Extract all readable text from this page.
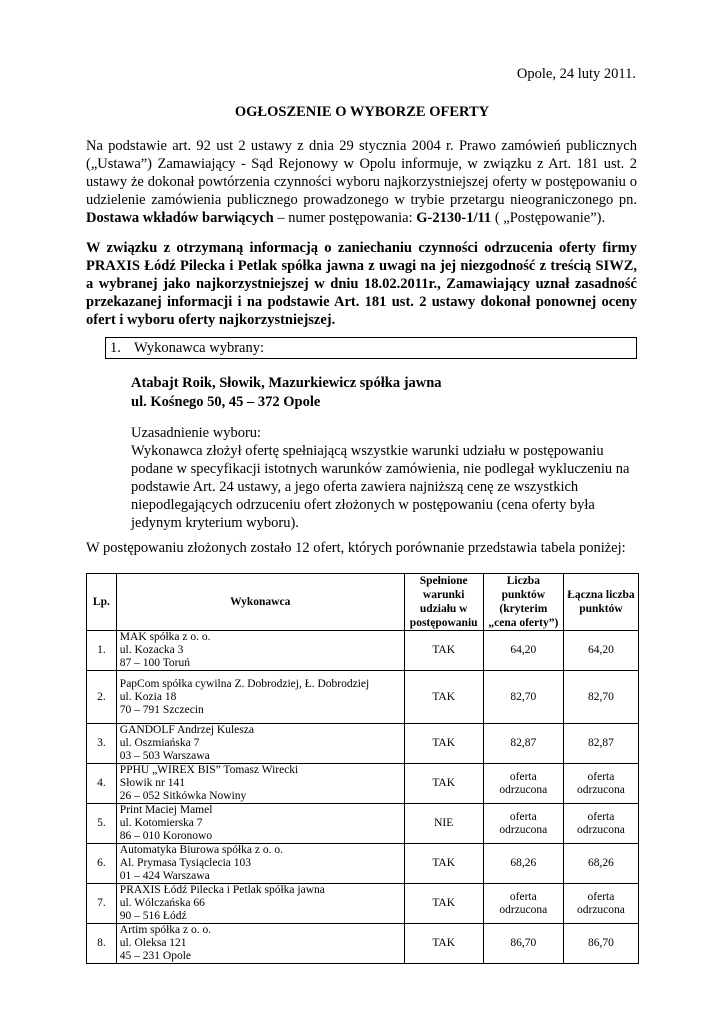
Opole, 24 luty 2011.
OGŁOSZENIE O WYBORZE OFERTY
Na podstawie art. 92 ust 2 ustawy z dnia 29 stycznia 2004 r. Prawo zamówień publicznych („Ustawa”) Zamawiający - Sąd Rejonowy w Opolu informuje, w związku z Art. 181 ust. 2 ustawy że dokonał powtórzenia czynności wyboru najkorzystniejszej oferty w postępowaniu o udzielenie zamówienia publicznego prowadzonego w trybie przetargu nieograniczonego pn. Dostawa wkładów barwiących – numer postępowania: G-2130-1/11 ( „Postępowanie”).
W związku z otrzymaną informacją o zaniechaniu czynności odrzucenia oferty firmy PRAXIS Łódź Pilecka i Petlak spółka jawna z uwagi na jej niezgodność z treścią SIWZ, a wybranej jako najkorzystniejszej w dniu 18.02.2011r., Zamawiający uznał zasadność przekazanej informacji i na podstawie Art. 181 ust. 2 ustawy dokonał ponownej oceny ofert i wyboru oferty najkorzystniejszej.
1. Wykonawca wybrany:
Atabajt Roik, Słowik, Mazurkiewicz spółka jawna
ul. Kośnego 50, 45 – 372 Opole
Uzasadnienie wyboru:
Wykonawca złożył ofertę spełniającą wszystkie warunki udziału w postępowaniu podane w specyfikacji istotnych warunków zamówienia, nie podlegał wykluczeniu na podstawie Art. 24 ustawy, a jego oferta zawiera najniższą cenę ze wszystkich niepodlegających odrzuceniu ofert złożonych w postępowaniu (cena oferty była jedynym kryterium wyboru).
W postępowaniu złożonych zostało 12 ofert, których porównanie przedstawia tabela poniżej:
Lp.	Wykonawca	Spełnione warunki udziału w postępowaniu	Liczba punktów (kryterim „cena oferty”)	Łączna liczba punktów
1.	MAK spółka z o. o.
ul. Kozacka 3
87 – 100 Toruń	TAK	64,20	64,20
2.	PapCom spółka cywilna Z. Dobrodziej, Ł. Dobrodziej
ul. Kozia 18
70 – 791 Szczecin	TAK	82,70	82,70
3.	GANDOLF Andrzej Kulesza
ul. Oszmiańska 7
03 – 503 Warszawa	TAK	82,87	82,87
4.	PPHU „WIREX BIS” Tomasz Wirecki
Słowik nr 141
26 – 052 Sitkówka Nowiny	TAK	oferta odrzucona	oferta odrzucona
5.	Print Maciej Mamel
ul. Kotomierska 7
86 – 010 Koronowo	NIE	oferta odrzucona	oferta odrzucona
6.	Automatyka Biurowa spółka z o. o.
Al. Prymasa Tysiąclecia 103
01 – 424 Warszawa	TAK	68,26	68,26
7.	PRAXIS Łódź Pilecka i Petlak spółka jawna
ul. Wólczańska 66
90 – 516 Łódź	TAK	oferta odrzucona	oferta odrzucona
8.	Artim spółka z o. o.
ul. Oleksa 121
45 – 231 Opole	TAK	86,70	86,70
